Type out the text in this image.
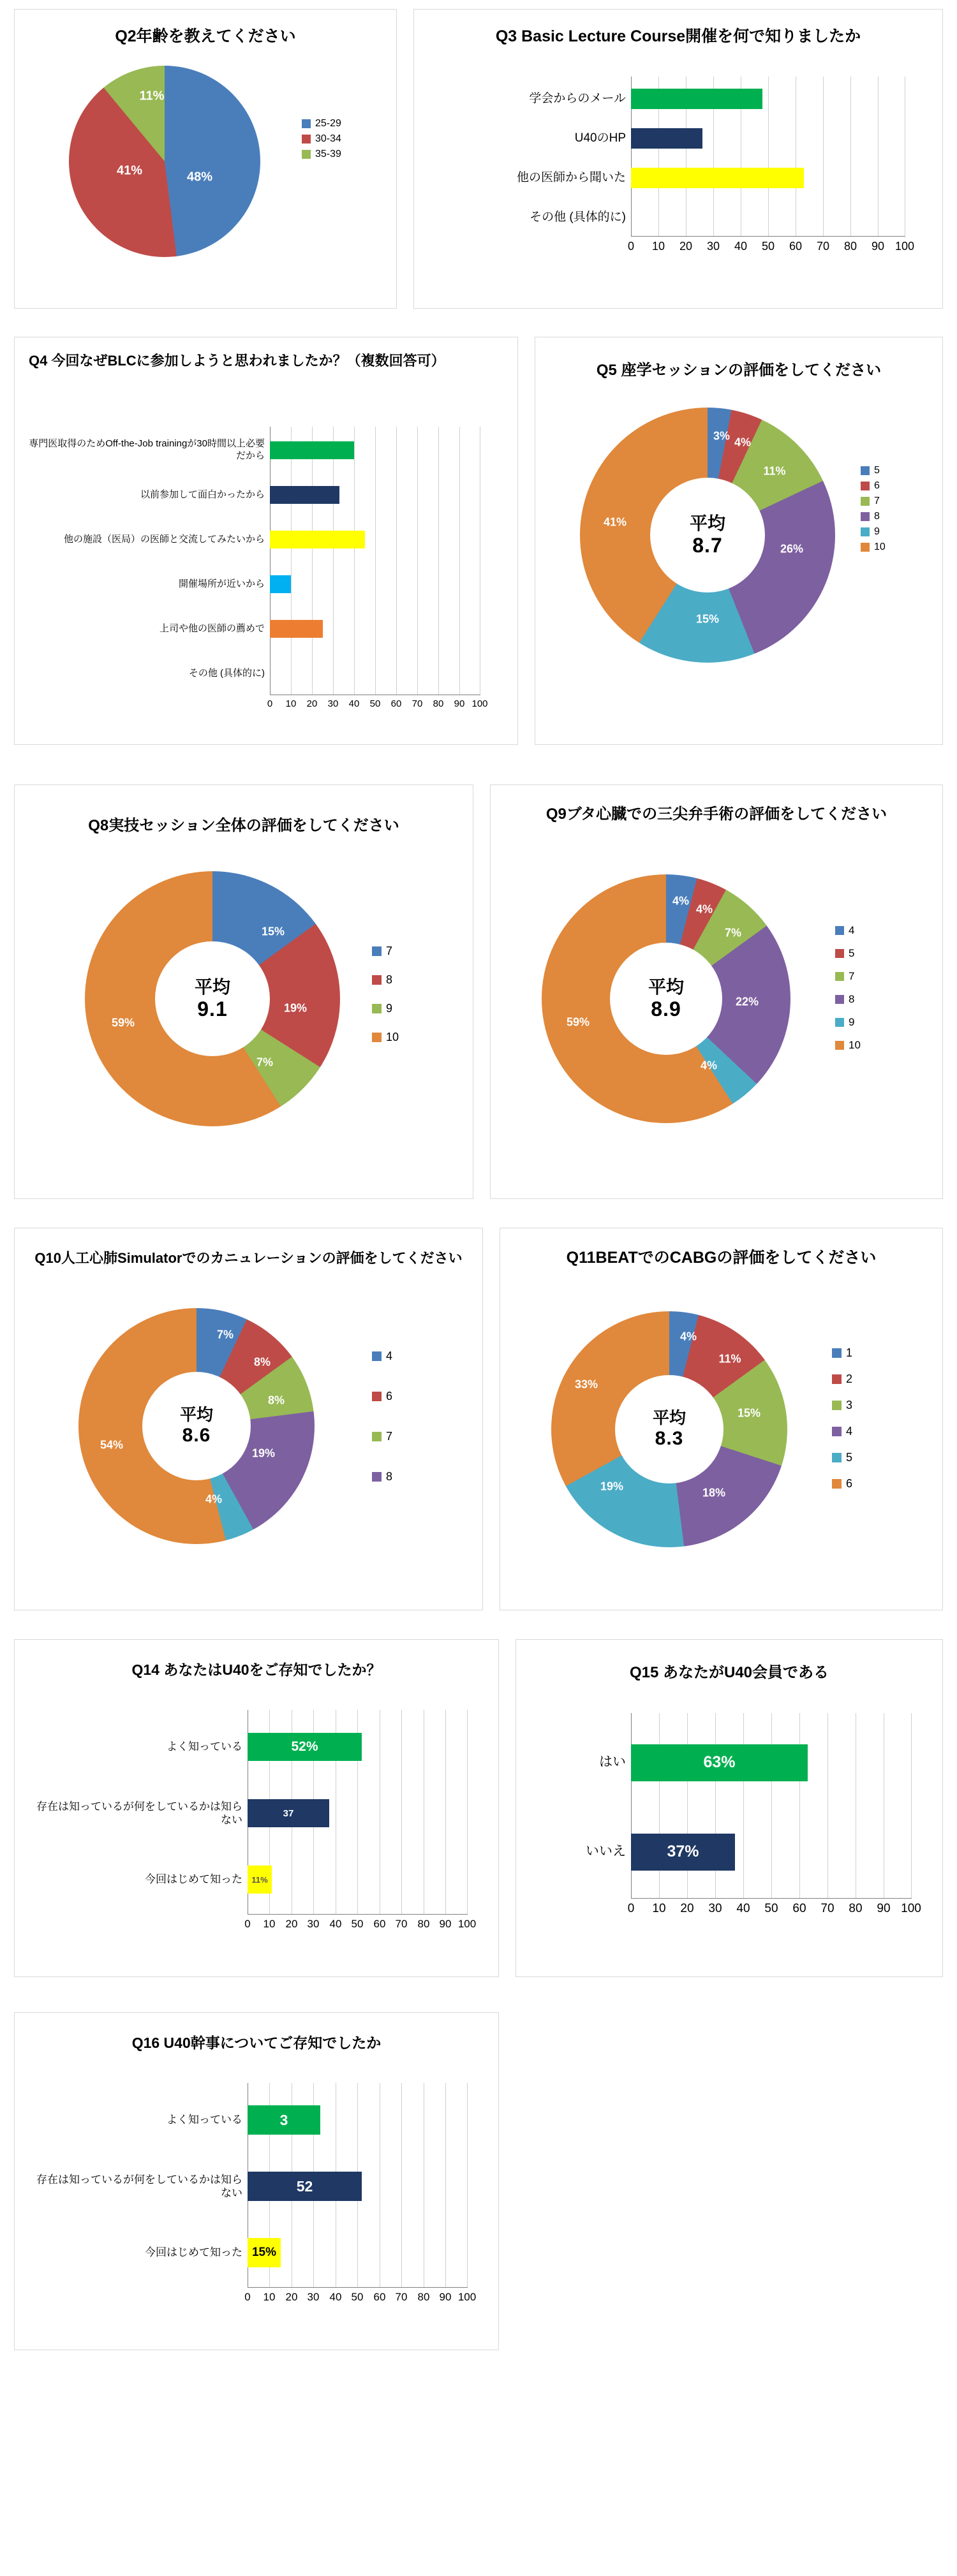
Q2年齢を教えてください
48%
41%
11%
25-29
30-34
35-39
Q3 Basic Lecture Course開催を何で知りましたか
学会からのメール
U40のHP
他の医師から聞いた
その他 (具体的に)
0 10 20 30 40 50 60 70 80 90 100
Q4 今回なぜBLCに参加しようと思われましたか？（複数回答可）
専門医取得のためOff-the-Job trainingが30時間以上必要だから
以前参加して面白かったから
他の施設（医局）の医師と交流してみたいから
開催場所が近いから
上司や他の医師の薦めで
その他 (具体的に)
0 10 20 30 40 50 60 70 80 90 100
Q5 座学セッションの評価をしてください
平均
8.7
3% 4%
11%
26%
15%
41%
5
6
7
8
9
10
Q8実技セッション全体の評価をしてください
平均
9.1
15%
19%
7%
59%
7
8
9
10
Q9ブタ心臓での三尖弁手術の評価をしてください
平均
8.9
4%
4%
7%
22%
4%
59%
4
5
7
8
9
10
Q10人工心肺Simulatorでのカニュレーションの評価をしてください
平均
8.6
7%
8%
8%
19%
4%
54%
4
6
7
8
Q11BEATでのCABGの評価をしてください
平均
8.3
4%
11%
15%
18%
19%
33%
1
2
3
4
5
6
Q14 あなたはU40をご存知でしたか？
よく知っている	52%
存在は知っているが何をしているかは知らない
37
今回はじめて知った	11%
0 10 20 30 40 50 60 70 80 90 100
Q15 あなたがU40会員である
はい	63%
いいえ	37%
0 10 20 30 40 50 60 70 80 90 100
Q16 U40幹事についてご存知でしたか
よく知っている	3
存在は知っているが何をしているかは知らない	52
今回はじめて知った 15%
0 10 20 30 40 50 60 70 80 90 100
